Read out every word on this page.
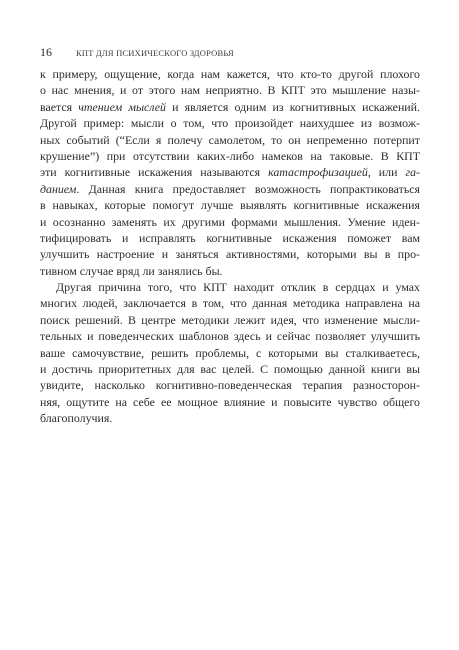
16	КПТ ДЛЯ ПСИХИЧЕСКОГО ЗДОРОВЬЯ
к примеру, ощущение, когда нам кажется, что кто-то другой плохого
о нас мнения, и от этого нам неприятно. В КПТ это мышление назы-
вается чтением мыслей и является одним из когнитивных искажений.
Другой пример: мысли о том, что произойдет наихудшее из возмож-
ных событий (“Если я полечу самолетом, то он непременно потерпит
крушение”) при отсутствии каких-либо намеков на таковые. В КПТ
эти когнитивные искажения называются катастрофизацией, или га-
данием. Данная книга предоставляет возможность попрактиковаться
в навыках, которые помогут лучше выявлять когнитивные искажения
и осознанно заменять их другими формами мышления. Умение иден-
тифицировать и исправлять когнитивные искажения поможет вам
улучшить настроение и заняться активностями, которыми вы в про-
тивном случае вряд ли занялись бы.
Другая причина того, что КПТ находит отклик в сердцах и умах
многих людей, заключается в том, что данная методика направлена на
поиск решений. В центре методики лежит идея, что изменение мысли-
тельных и поведенческих шаблонов здесь и сейчас позволяет улучшить
ваше самочувствие, решить проблемы, с которыми вы сталкиваетесь,
и достичь приоритетных для вас целей. С помощью данной книги вы
увидите, насколько когнитивно-поведенческая терапия разносторон-
няя, ощутите на себе ее мощное влияние и повысите чувство общего
благополучия.
